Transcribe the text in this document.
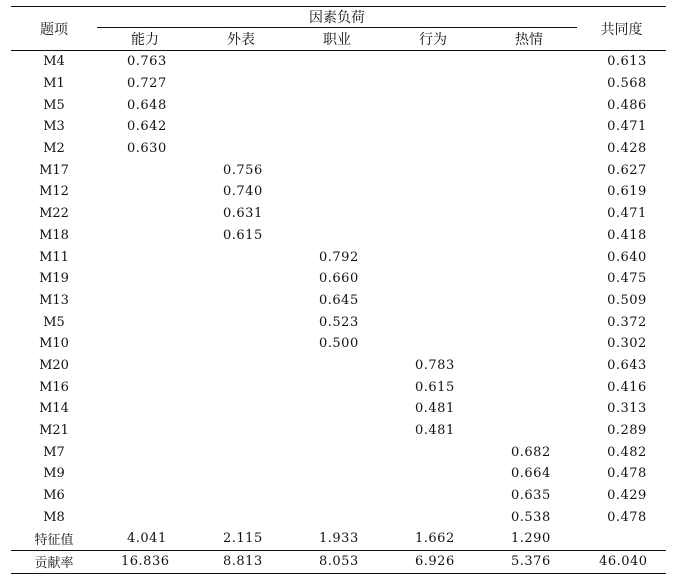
题项	因素负荷					共同度
	能力	外表	职业	行为	热情	

M4	0.763					0.613
M1	0.727					0.568
M5	0.648					0.486
M3	0.642					0.471
M2	0.630					0.428
M17		0.756				0.627
M12		0.740				0.619
M22		0.631				0.471
M18		0.615				0.418
M11			0.792			0.640
M19			0.660			0.475
M13			0.645			0.509
M5			0.523			0.372
M10			0.500			0.302
M20				0.783		0.643
M16				0.615		0.416
M14				0.481		0.313
M21				0.481		0.289
M7					0.682	0.482
M9					0.664	0.478
M6					0.635	0.429
M8					0.538	0.478
特征值	4.041	2.115	1.933	1.662	1.290	
贡献率	16.836	8.813	8.053	6.926	5.376	46.040
